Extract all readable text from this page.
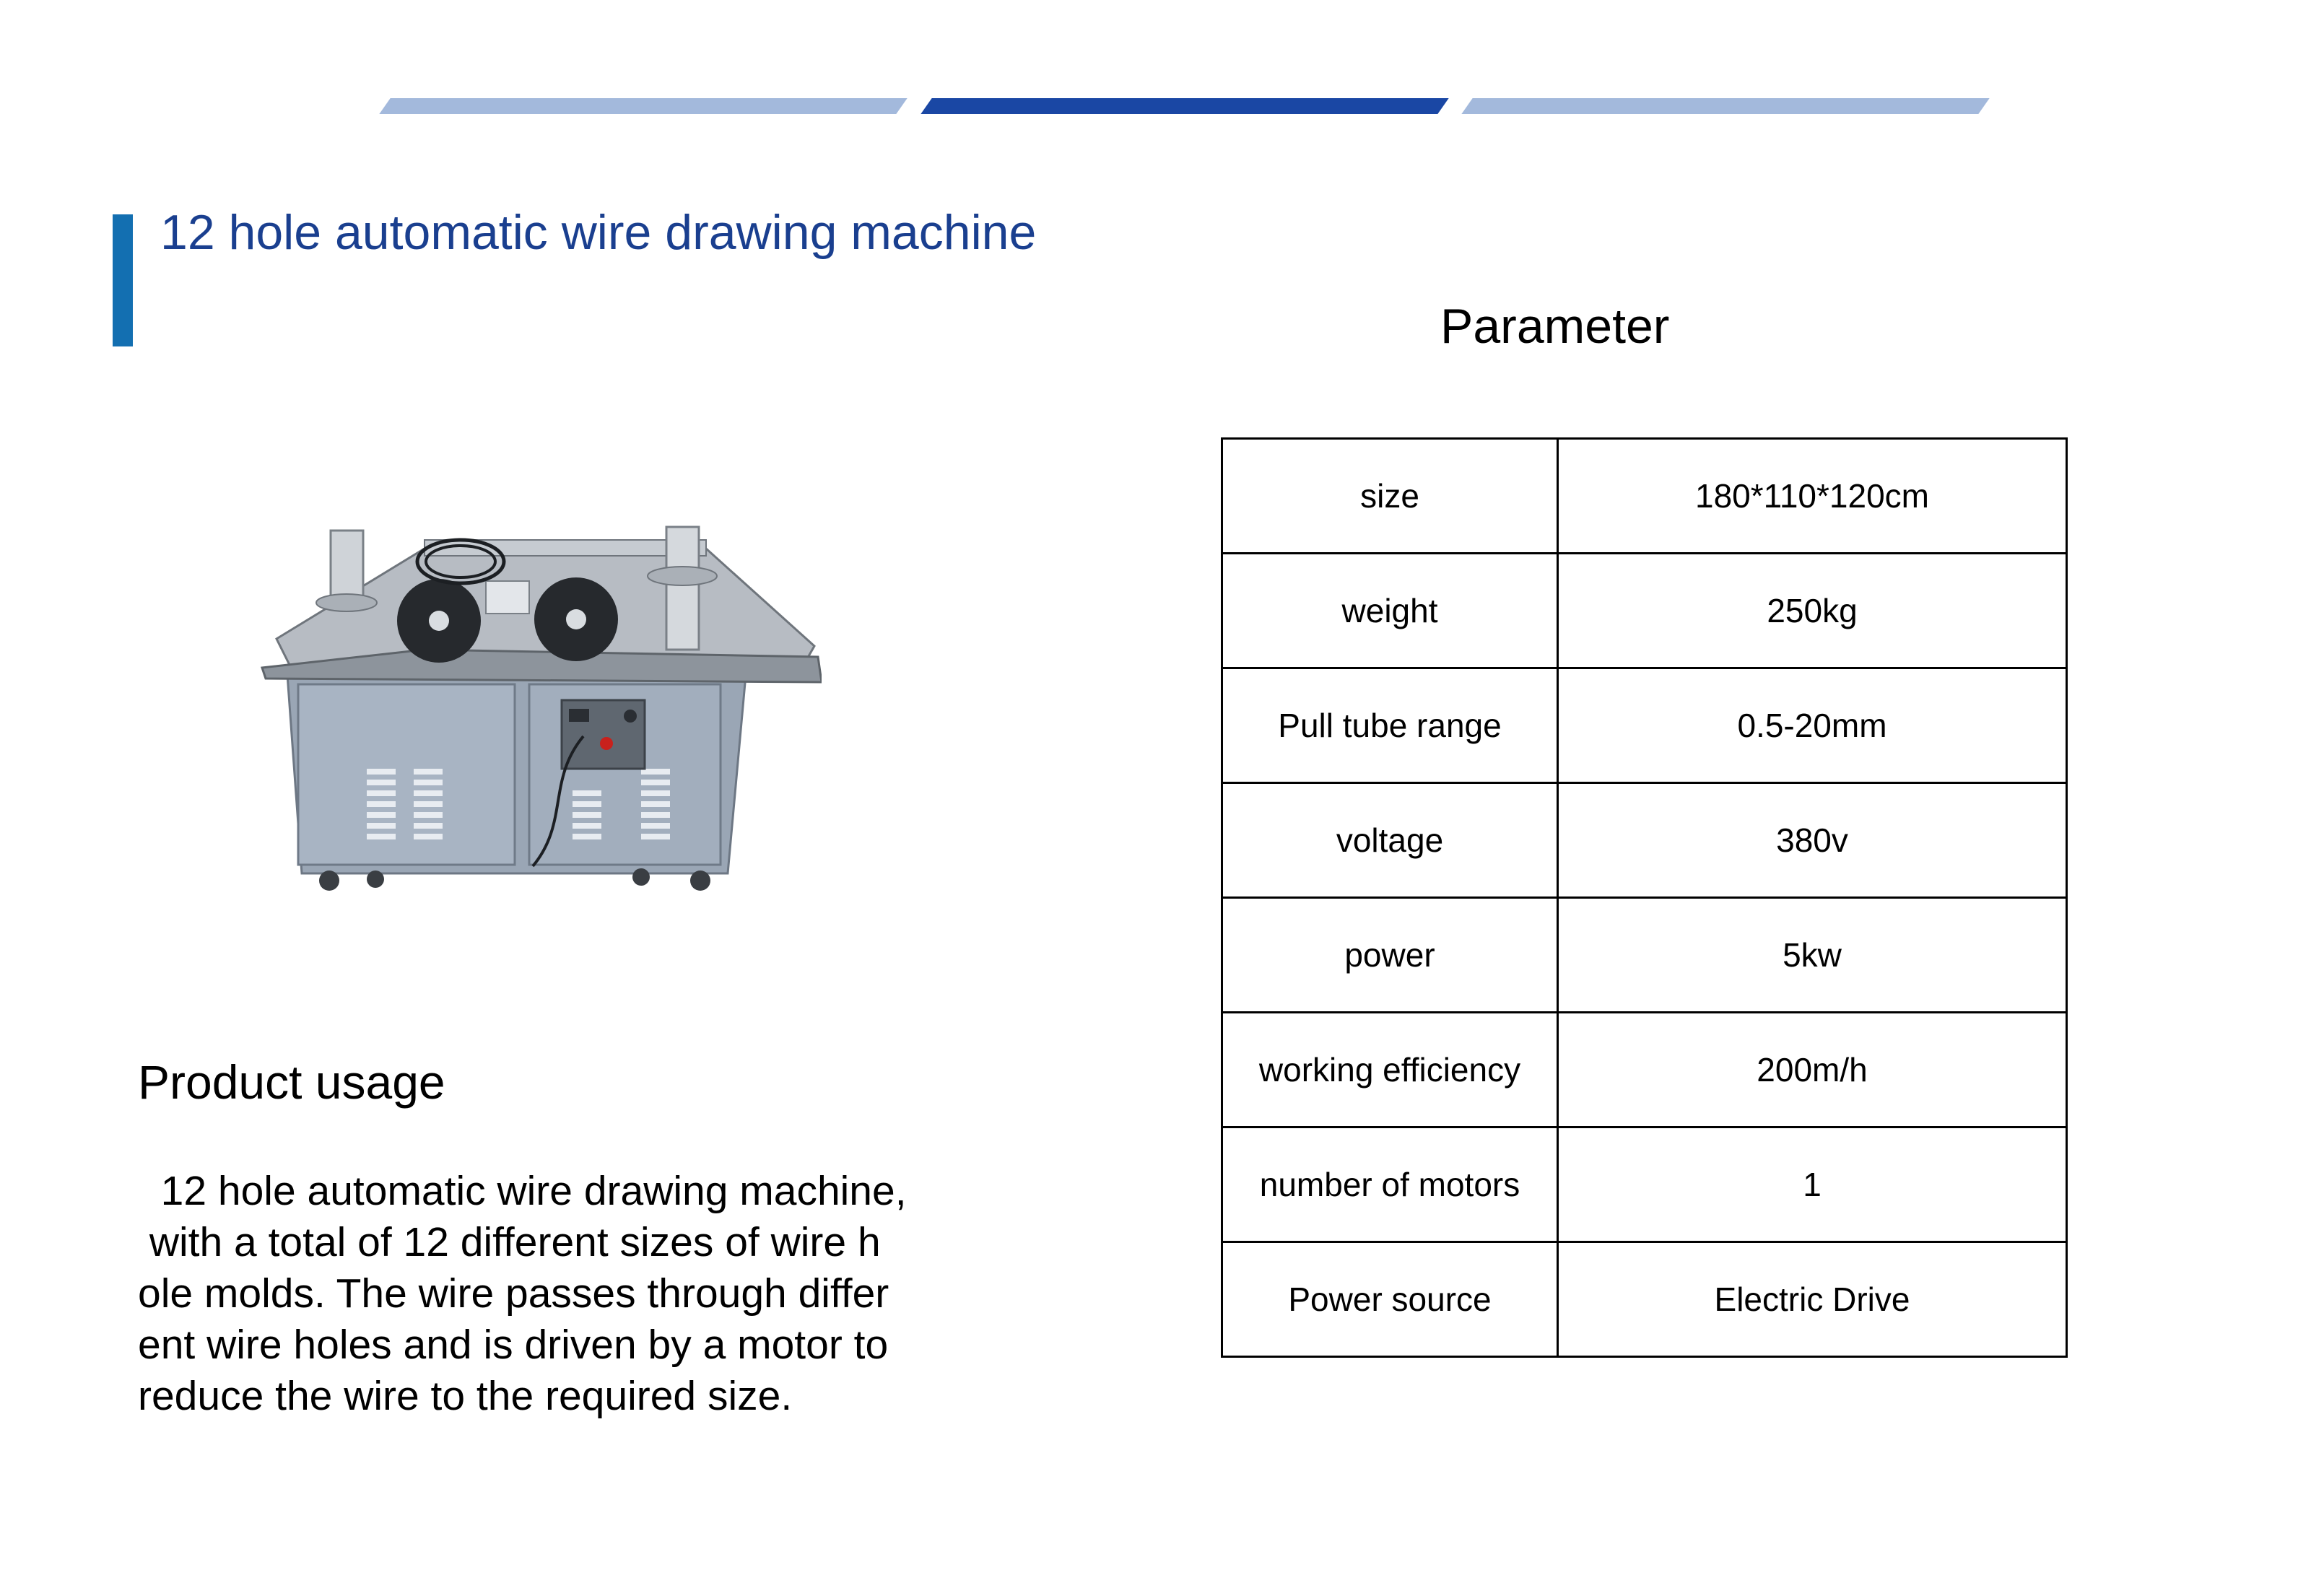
12 hole automatic wire drawing machine
Parameter
Product usage
12 hole automatic wire drawing machine,
with a total of 12 different sizes of wire h
ole molds. The wire passes through differ
ent wire holes and is driven by a motor to
reduce the wire to the required size.
size	180*110*120cm
weight	250kg
Pull tube range	0.5-20mm
voltage	380v
power	5kw
working efficiency	200m/h
number of motors	1
Power source	Electric Drive
